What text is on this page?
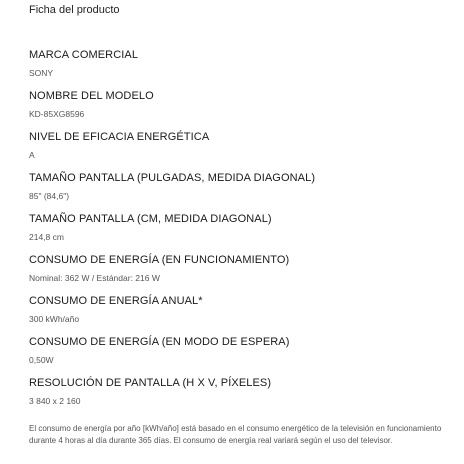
Ficha del producto
MARCA COMERCIAL
SONY
NOMBRE DEL MODELO
KD-85XG8596
NIVEL DE EFICACIA ENERGÉTICA
A
TAMAÑO PANTALLA (PULGADAS, MEDIDA DIAGONAL)
85" (84,6")
TAMAÑO PANTALLA (CM, MEDIDA DIAGONAL)
214,8 cm
CONSUMO DE ENERGÍA (EN FUNCIONAMIENTO)
Nominal: 362 W / Estándar: 216 W
CONSUMO DE ENERGÍA ANUAL*
300 kWh/año
CONSUMO DE ENERGÍA (EN MODO DE ESPERA)
0,50W
RESOLUCIÓN DE PANTALLA (H X V, PÍXELES)
3 840 x 2 160
El consumo de energía por año [kWh/año] está basado en el consumo energético de la televisión en funcionamiento durante 4 horas al día durante 365 días. El consumo de energía real variará según el uso del televisor.
